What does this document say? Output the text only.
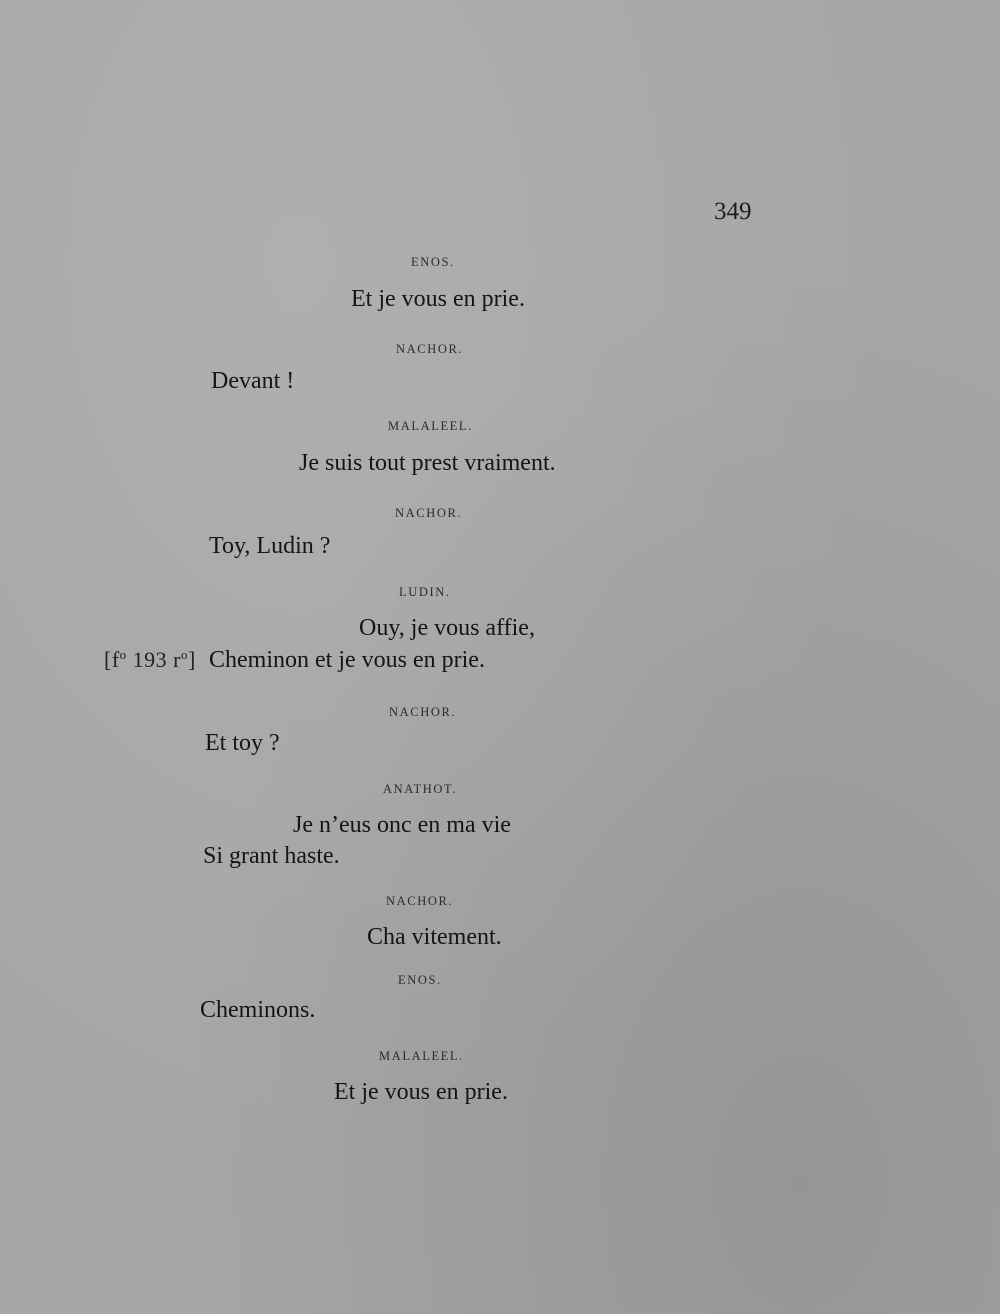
349
ENOS.
Et je vous en prie.
NACHOR.
Devant !
MALALEEL.
Je suis tout prest vraiment.
NACHOR.
Toy, Ludin ?
LUDIN.
Ouy, je vous affie,
[$f^o$ 193 $r^o$] Cheminon et je vous en prie.
NACHOR.
Et toy ?
ANATHOT.
Je n’eus onc en ma vie
Si grant haste.
NACHOR.
Cha vitement.
ENOS.
Cheminons.
MALALEEL.
Et je vous en prie.
